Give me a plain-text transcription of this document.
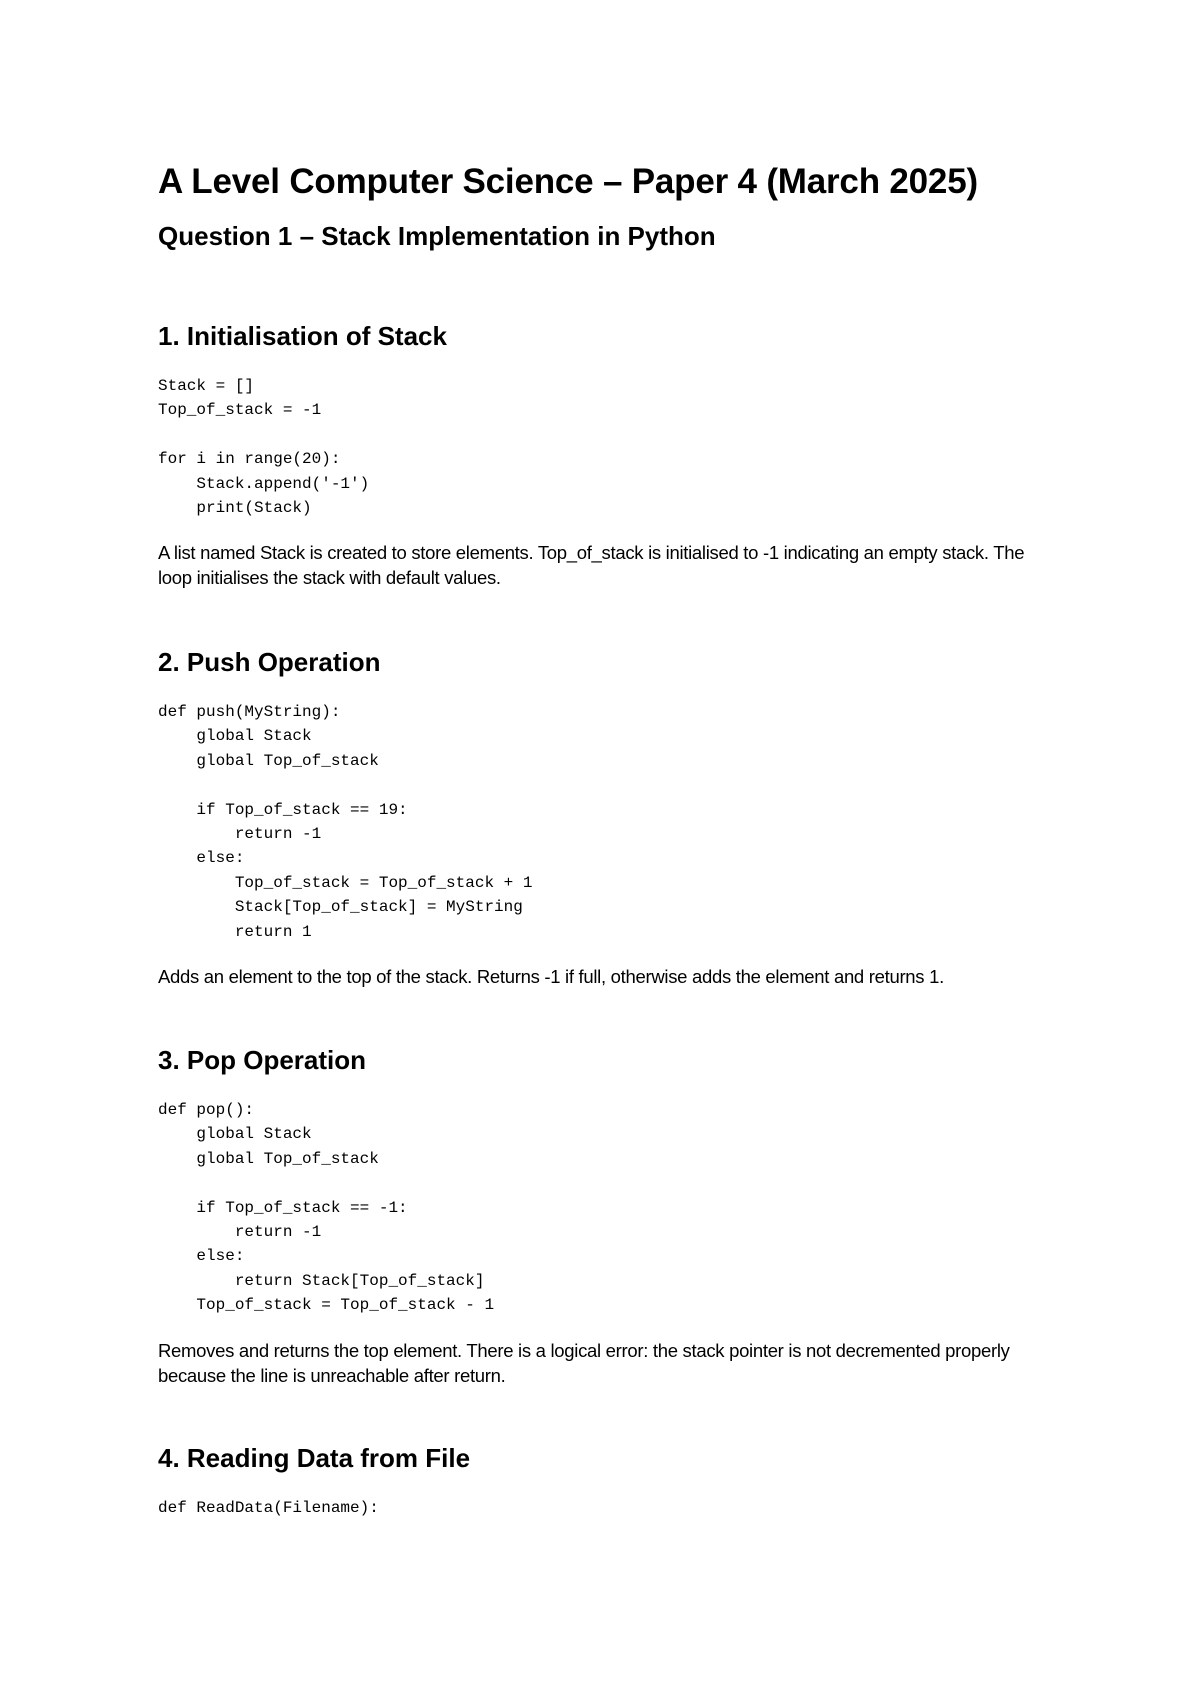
A Level Computer Science – Paper 4 (March 2025)
Question 1 – Stack Implementation in Python
1. Initialisation of Stack
Stack = []
Top_of_stack = -1

for i in range(20):
Stack.append('-1')
print(Stack)

A list named Stack is created to store elements. Top_of_stack is initialised to -1 indicating an empty stack. The loop initialises the stack with default values.

2. Push Operation
def push(MyString):
global Stack
global Top_of_stack

if Top_of_stack == 19:
return -1
else:
Top_of_stack = Top_of_stack + 1
Stack[Top_of_stack] = MyString
return 1

Adds an element to the top of the stack. Returns -1 if full, otherwise adds the element and returns 1.

3. Pop Operation
def pop():
global Stack
global Top_of_stack

if Top_of_stack == -1:
return -1
else:
return Stack[Top_of_stack]
Top_of_stack = Top_of_stack - 1

Removes and returns the top element. There is a logical error: the stack pointer is not decremented properly because the line is unreachable after return.

4. Reading Data from File
def ReadData(Filename):
